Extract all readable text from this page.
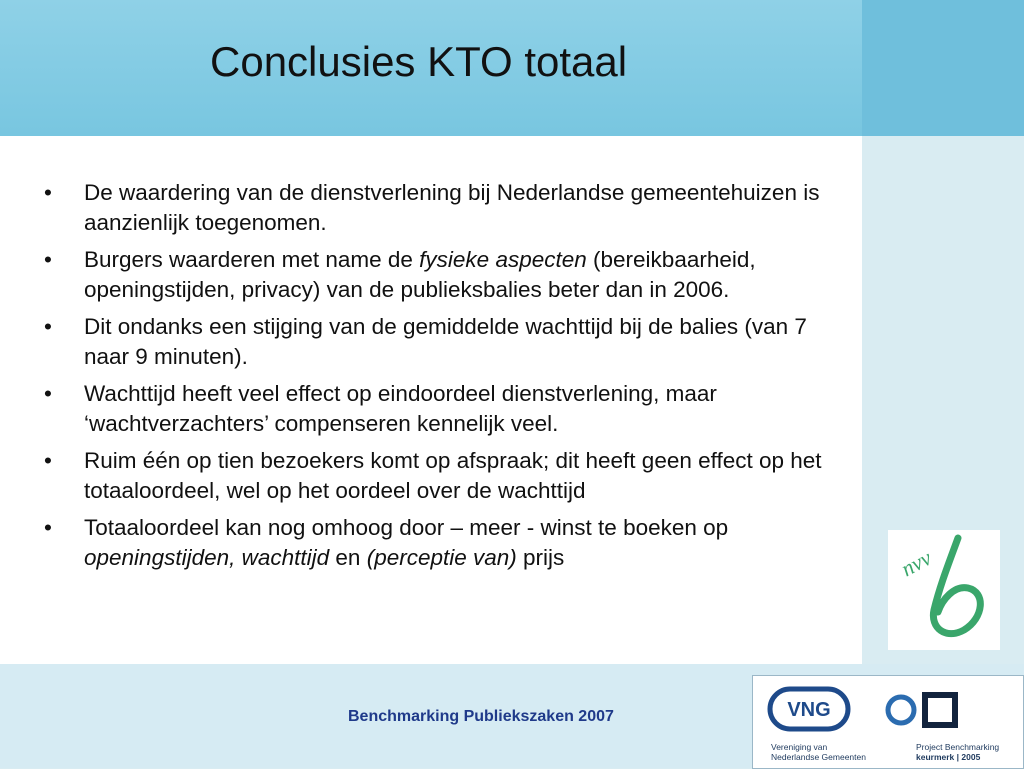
Conclusies KTO totaal
• De waardering van de dienstverlening bij Nederlandse gemeentehuizen is aanzienlijk toegenomen.
• Burgers waarderen met name de fysieke aspecten (bereikbaarheid, openingstijden, privacy) van de publieksbalies beter dan in 2006.
• Dit ondanks een stijging van de gemiddelde wachttijd bij de balies (van 7 naar 9 minuten).
• Wachttijd heeft veel effect op eindoordeel dienstverlening, maar ‘wachtverzachters’ compenseren kennelijk veel.
• Ruim één op tien bezoekers komt op afspraak; dit heeft geen effect op het totaaloordeel, wel op het oordeel over de wachttijd
• Totaaloordeel kan nog omhoog door – meer - winst te boeken op openingstijden, wachttijd en (perceptie van) prijs	nvv
Benchmarking Publiekszaken 2007	VNG
Vereniging van
Nederlandse Gemeenten
Project Benchmarking
keurmerk | 2005
